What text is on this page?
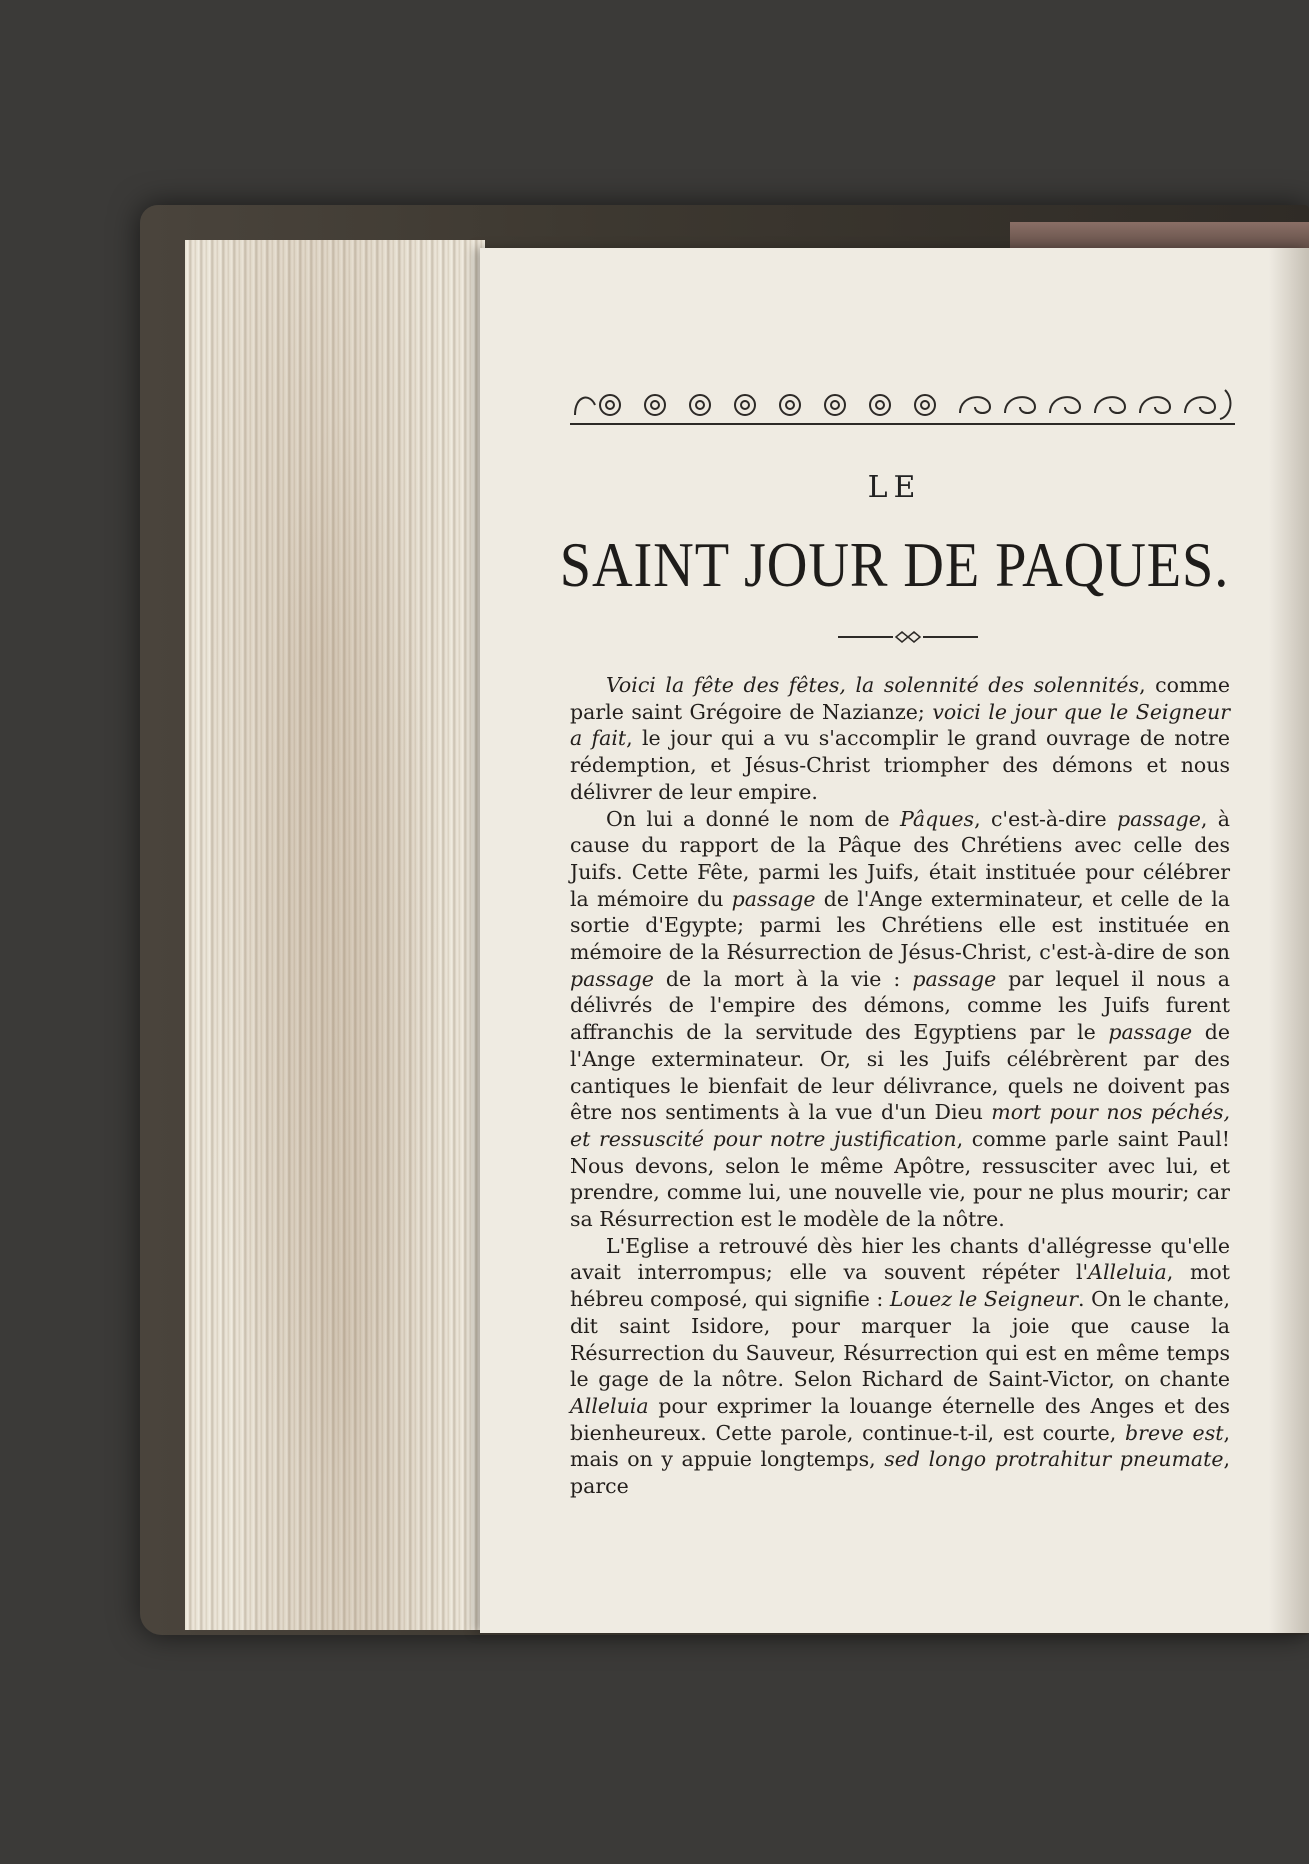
LE
SAINT JOUR DE PAQUES.

Voici la fête des fêtes, la solennité des solennités, comme parle saint Grégoire de Nazianze; voici le jour que le Seigneur a fait, le jour qui a vu s'accomplir le grand ouvrage de notre rédemption, et Jésus-Christ triompher des démons et nous délivrer de leur empire.

On lui a donné le nom de Pâques, c'est-à-dire passage, à cause du rapport de la Pâque des Chrétiens avec celle des Juifs. Cette Fête, parmi les Juifs, était instituée pour célébrer la mémoire du passage de l'Ange exterminateur, et celle de la sortie d'Egypte; parmi les Chrétiens elle est instituée en mémoire de la Résurrection de Jésus-Christ, c'est-à-dire de son passage de la mort à la vie : passage par lequel il nous a délivrés de l'empire des démons, comme les Juifs furent affranchis de la servitude des Egyptiens par le passage de l'Ange exterminateur. Or, si les Juifs célébrèrent par des cantiques le bienfait de leur délivrance, quels ne doivent pas être nos sentiments à la vue d'un Dieu mort pour nos péchés, et ressuscité pour notre justification, comme parle saint Paul! Nous devons, selon le même Apôtre, ressusciter avec lui, et prendre, comme lui, une nouvelle vie, pour ne plus mourir; car sa Résurrection est le modèle de la nôtre.

L'Eglise a retrouvé dès hier les chants d'allégresse qu'elle avait interrompus; elle va souvent répéter l'Alleluia, mot hébreu composé, qui signifie : Louez le Seigneur. On le chante, dit saint Isidore, pour marquer la joie que cause la Résurrection du Sauveur, Résurrection qui est en même temps le gage de la nôtre. Selon Richard de Saint-Victor, on chante Alleluia pour exprimer la louange éternelle des Anges et des bienheureux. Cette parole, continue-t-il, est courte, breve est, mais on y appuie longtemps, sed longo protrahitur pneumate, parce
